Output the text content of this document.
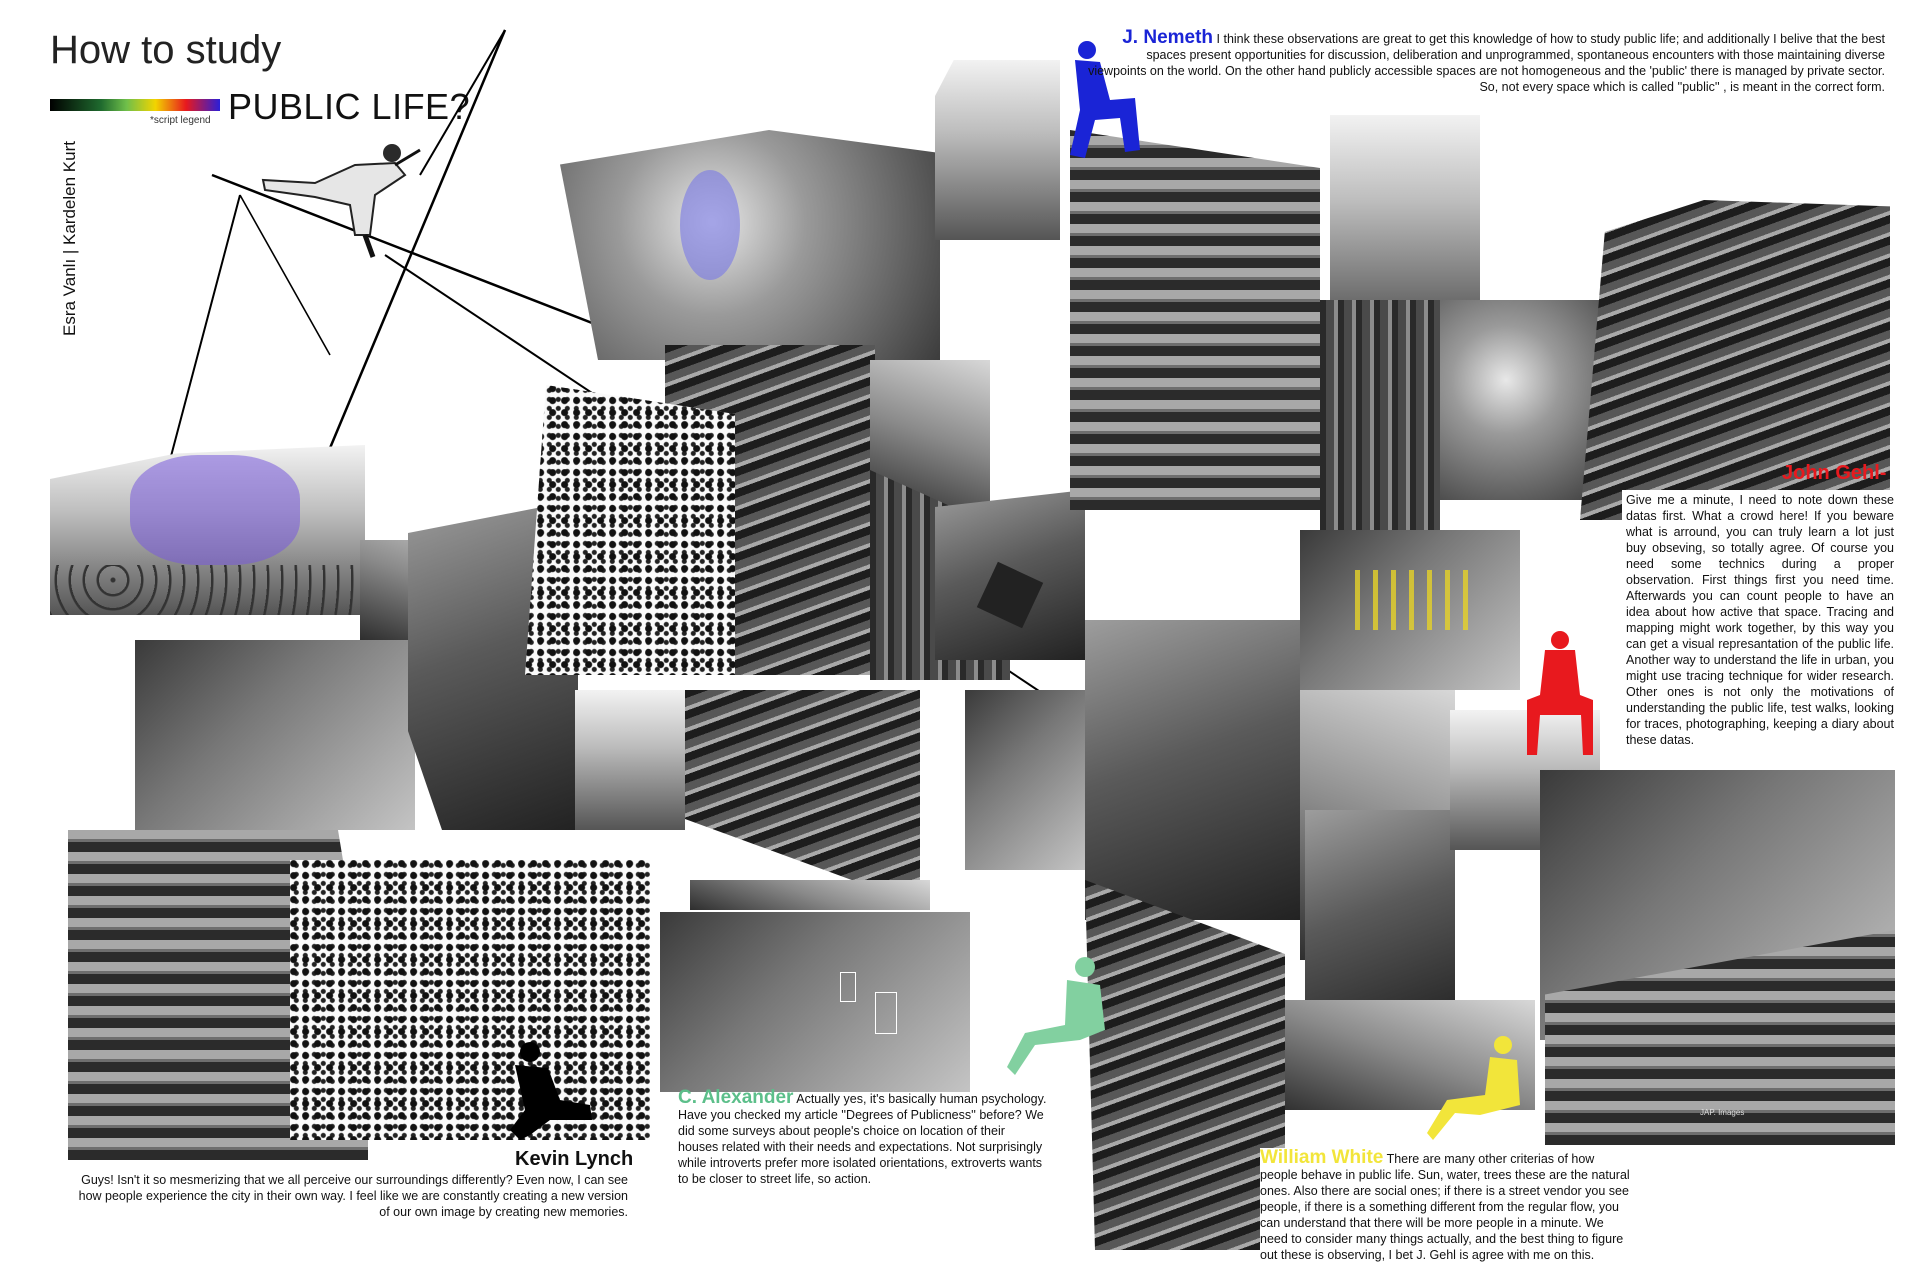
How to study
*script legend PUBLIC LIFE?
Esra Vanlı | Kardelen Kurt
JAP. Images
J. Nemeth I think these observations are great to get this knowledge of how to study public life; and additionally I belive that the best spaces present opportunities for discussion, deliberation and unprogrammed, spontaneous encounters with those maintaining diverse viewpoints on the world. On the other hand publicly accessible spaces are not homogeneous and the 'public' there is managed by private sector. So, not every space which is called ''public'' , is meant in the correct form.
John Gehl-
Give me a minute, I need to note down these datas first. What a crowd here! If you beware what is arround, you can truly learn a lot just buy obseving, so totally agree. Of course you need some technics during a proper observation. First things first you need time. Afterwards you can count people to have an idea about how active that space. Tracing and mapping might work together, by this way you can get a visual represantation of the public life. Another way to understand the life in urban, you might use tracing technique for wider research. Other ones is not only the motivations of understanding the public life, test walks, looking for traces, photographing, keeping a diary about these datas.
Kevin Lynch
Guys! Isn't it so mesmerizing that we all perceive our surroundings differently? Even now, I can see how people experience the city in their own way. I feel like we are constantly creating a new version of our own image by creating new memories.
C. Alexander Actually yes, it's basically human psychology. Have you checked my article ''Degrees of Publicness'' before? We did some surveys about people's choice on location of their houses related with their needs and expectations. Not surprisingly while introverts prefer more isolated orientations, extroverts wants to be closer to street life, so action.
William White There are many other criterias of how people behave in public life. Sun, water, trees these are the natural ones. Also there are social ones; if there is a street vendor you see people, if there is a something different from the regular flow, you can understand that there will be more people in a minute. We need to consider many things actually, and the best thing to figure out these is observing, I bet J. Gehl is agree with me on this.
